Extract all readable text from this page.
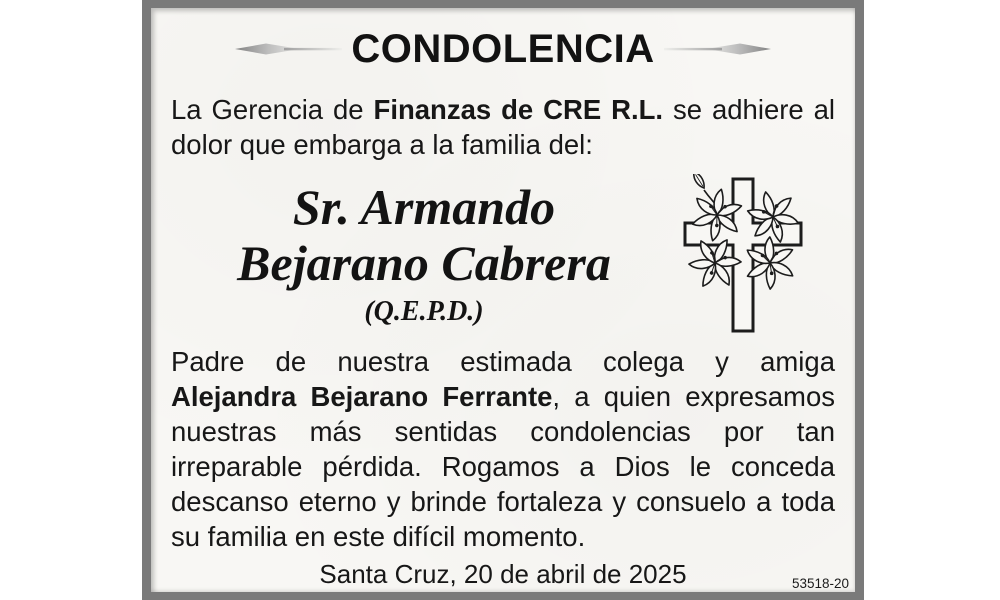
CONDOLENCIA
La Gerencia de Finanzas de CRE R.L. se adhiere al
dolor que embarga a la familia del:
Sr. Armando
Bejarano Cabrera
(Q.E.P.D.)
Padre de nuestra estimada colega y amiga
Alejandra Bejarano Ferrante, a quien expresamos
nuestras más sentidas condolencias por tan
irreparable pérdida. Rogamos a Dios le conceda
descanso eterno y brinde fortaleza y consuelo a toda
su familia en este difícil momento.
Santa Cruz, 20 de abril de 2025	53518-20
